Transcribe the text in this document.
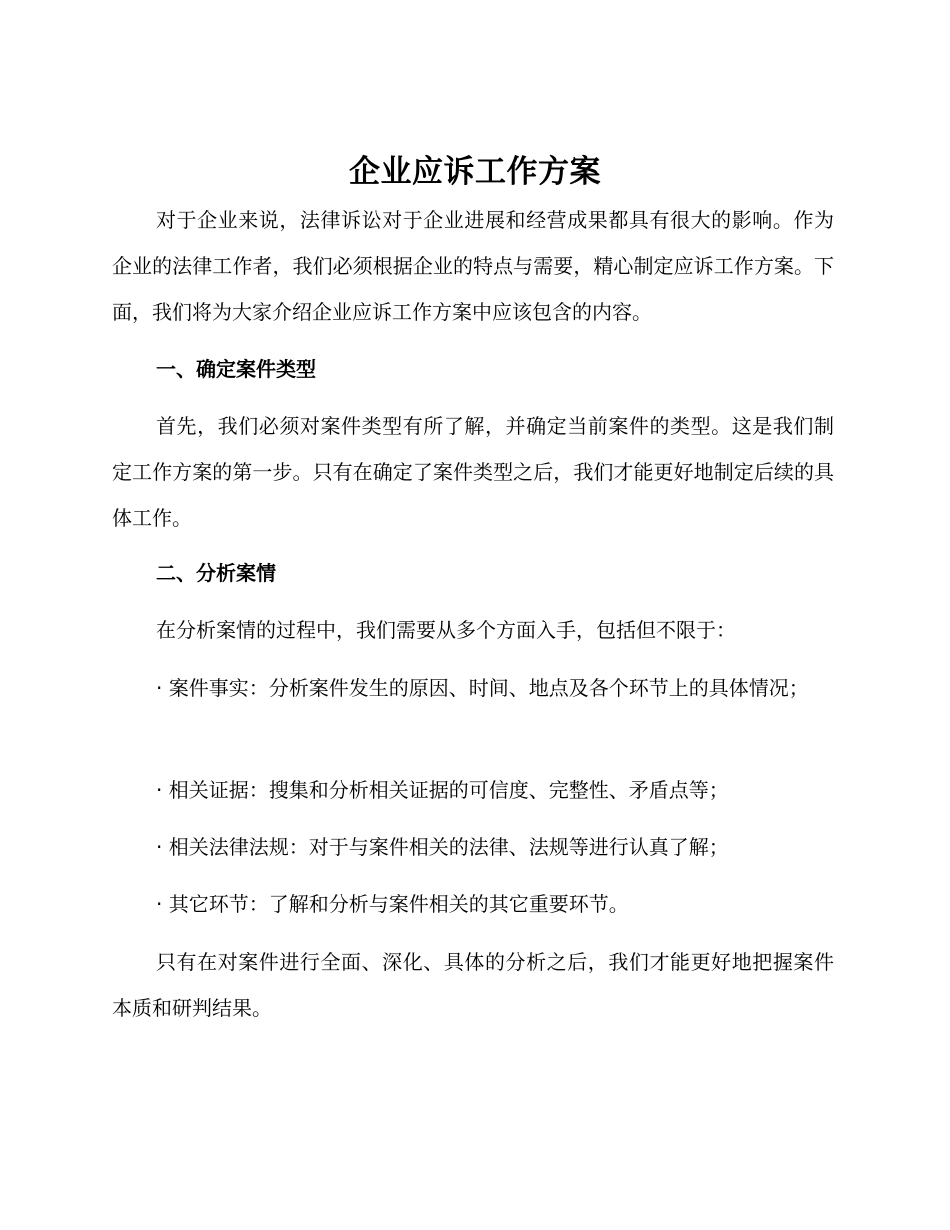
企业应诉工作方案

对于企业来说，法律诉讼对于企业进展和经营成果都具有很大的影响。作为企业的法律工作者，我们必须根据企业的特点与需要，精心制定应诉工作方案。下面，我们将为大家介绍企业应诉工作方案中应该包含的内容。

一、确定案件类型

首先，我们必须对案件类型有所了解，并确定当前案件的类型。这是我们制定工作方案的第一步。只有在确定了案件类型之后，我们才能更好地制定后续的具体工作。

二、分析案情

在分析案情的过程中，我们需要从多个方面入手，包括但不限于：

· 案件事实：分析案件发生的原因、时间、地点及各个环节上的具体情况；

· 相关证据：搜集和分析相关证据的可信度、完整性、矛盾点等；

· 相关法律法规：对于与案件相关的法律、法规等进行认真了解；

· 其它环节：了解和分析与案件相关的其它重要环节。

只有在对案件进行全面、深化、具体的分析之后，我们才能更好地把握案件本质和研判结果。
